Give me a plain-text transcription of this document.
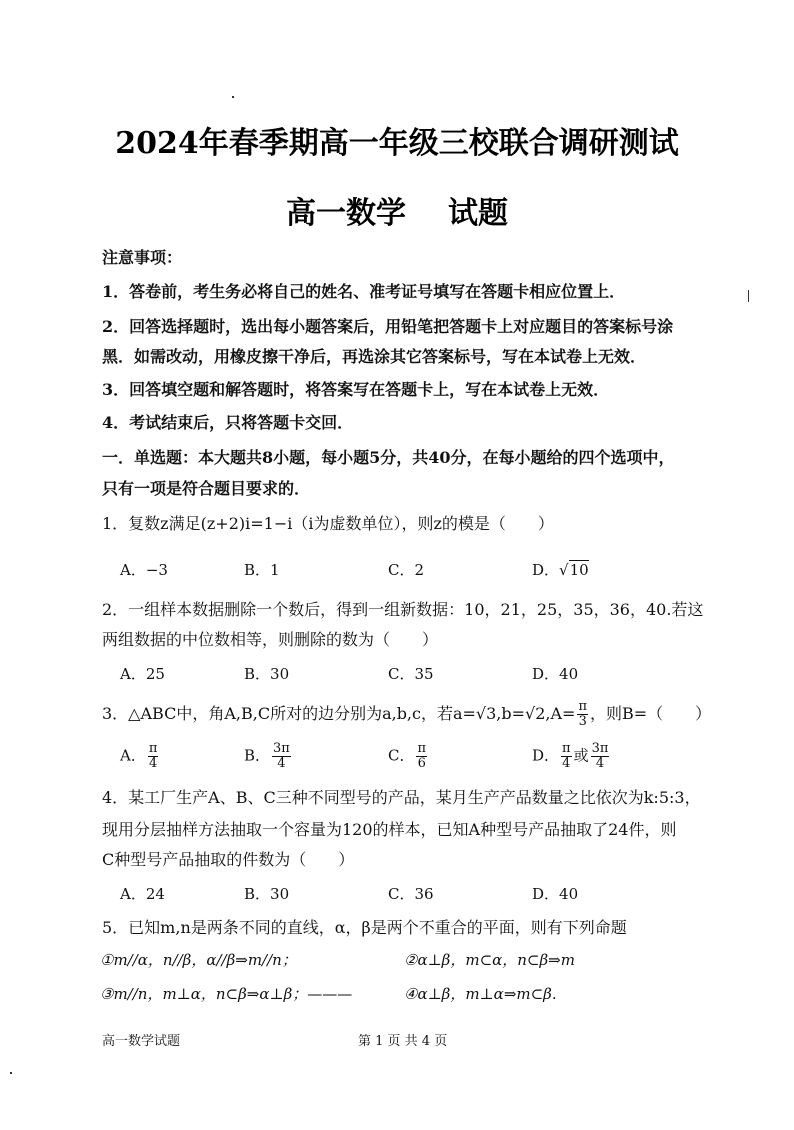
2024年春季期高一年级三校联合调研测试
高一数学 试题
注意事项：
1．答卷前，考生务必将自己的姓名、准考证号填写在答题卡相应位置上．
2．回答选择题时，选出每小题答案后，用铅笔把答题卡上对应题目的答案标号涂
黑．如需改动，用橡皮擦干净后，再选涂其它答案标号，写在本试卷上无效．
3．回答填空题和解答题时，将答案写在答题卡上，写在本试卷上无效．
4．考试结束后，只将答题卡交回．
一．单选题：本大题共8小题，每小题5分，共40分，在每小题给的四个选项中，
只有一项是符合题目要求的．
1．复数z满足(z+2)i=1−i（i为虚数单位），则z的模是（　　）
A．−3	B．1	C．2	D．√10
2．一组样本数据删除一个数后，得到一组新数据：10，21，25，35，36，40.若这
两组数据的中位数相等，则删除的数为（　　）
A．25	B．30	C．35	D．40
3．△ABC中，角A,B,C所对的边分别为a,b,c，若$a=√3,b=√2,A= \frac{\pi}{3}$ ，则B=（　　）
A． $\frac{\pi}{4}$	B． $\frac{3\pi}{4}$	C． $\frac{\pi}{6}$	D． $\frac{\pi}{4}$ 或 $\frac{3\pi}{4}$
4．某工厂生产A、B、C三种不同型号的产品，某月生产产品数量之比依次为k:5:3，
现用分层抽样方法抽取一个容量为120的样本，已知A种型号产品抽取了24件，则
C种型号产品抽取的件数为（　　）
A．24	B．30	C．36	D．40
5．已知m,n是两条不同的直线，α，β是两个不重合的平面，则有下列命题
①m//α，n//β，α//β⇒m//n；	②α⊥β，m⊂α，n⊂β⇒m
③m//n，m⊥α，n⊂β⇒α⊥β；———	④α⊥β，m⊥α⇒m⊂β.
高一数学试题	第 1 页 共 4 页
